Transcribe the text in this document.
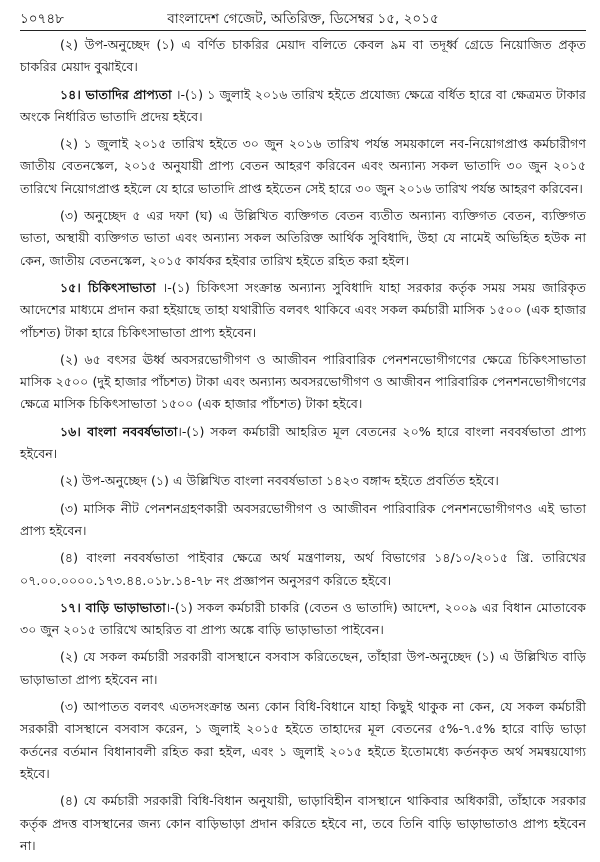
১০৭৪৮	বাংলাদেশ গেজেট, অতিরিক্ত, ডিসেম্বর ১৫, ২০১৫

(২) উপ-অনুচ্ছেদ (১) এ বর্ণিত চাকরির মেয়াদ বলিতে কেবল ৯ম বা তদূর্ধ্ব গ্রেডে নিয়োজিত প্রকৃত চাকরির মেয়াদ বুঝাইবে।

১৪। ভাতাদির প্রাপ্যতা ।-(১) ১ জুলাই ২০১৬ তারিখ হইতে প্রযোজ্য ক্ষেত্রে বর্ধিত হারে বা ক্ষেত্রমত টাকার অংকে নির্ধারিত ভাতাদি প্রদেয় হইবে।

(২) ১ জুলাই ২০১৫ তারিখ হইতে ৩০ জুন ২০১৬ তারিখ পর্যন্ত সময়কালে নব-নিয়োগপ্রাপ্ত কর্মচারীগণ জাতীয় বেতনস্কেল, ২০১৫ অনুযায়ী প্রাপ্য বেতন আহরণ করিবেন এবং অন্যান্য সকল ভাতাদি ৩০ জুন ২০১৫ তারিখে নিয়োগপ্রাপ্ত হইলে যে হারে ভাতাদি প্রাপ্ত হইতেন সেই হারে ৩০ জুন ২০১৬ তারিখ পর্যন্ত আহরণ করিবেন।

(৩) অনুচ্ছেদ ৫ এর দফা (ঘ) এ উল্লিখিত ব্যক্তিগত বেতন ব্যতীত অন্যান্য ব্যক্তিগত বেতন, ব্যক্তিগত ভাতা, অস্থায়ী ব্যক্তিগত ভাতা এবং অন্যান্য সকল অতিরিক্ত আর্থিক সুবিধাদি, উহা যে নামেই অভিহিত হউক না কেন, জাতীয় বেতনস্কেল, ২০১৫ কার্যকর হইবার তারিখ হইতে রহিত করা হইল।

১৫। চিকিৎসাভাতা ।-(১) চিকিৎসা সংক্রান্ত অন্যান্য সুবিধাদি যাহা সরকার কর্তৃক সময় সময় জারিকৃত আদেশের মাধ্যমে প্রদান করা হইয়াছে তাহা যথারীতি বলবৎ থাকিবে এবং সকল কর্মচারী মাসিক ১৫০০ (এক হাজার পাঁচশত) টাকা হারে চিকিৎসাভাতা প্রাপ্য হইবেন।

(২) ৬৫ বৎসর ঊর্ধ্ব অবসরভোগীগণ ও আজীবন পারিবারিক পেনশনভোগীগণের ক্ষেত্রে চিকিৎসাভাতা মাসিক ২৫০০ (দুই হাজার পাঁচশত) টাকা এবং অন্যান্য অবসরভোগীগণ ও আজীবন পারিবারিক পেনশনভোগীগণের ক্ষেত্রে মাসিক চিকিৎসাভাতা ১৫০০ (এক হাজার পাঁচশত) টাকা হইবে।

১৬। বাংলা নববর্ষভাতা।-(১) সকল কর্মচারী আহরিত মূল বেতনের ২০% হারে বাংলা নববর্ষভাতা প্রাপ্য হইবেন।

(২) উপ-অনুচ্ছেদ (১) এ উল্লিখিত বাংলা নববর্ষভাতা ১৪২৩ বঙ্গাব্দ হইতে প্রবর্তিত হইবে।

(৩) মাসিক নীট পেনশনগ্রহণকারী অবসরভোগীগণ ও আজীবন পারিবারিক পেনশনভোগীগণও এই ভাতা প্রাপ্য হইবেন।

(৪) বাংলা নববর্ষভাতা পাইবার ক্ষেত্রে অর্থ মন্ত্রণালয়, অর্থ বিভাগের ১৪/১০/২০১৫ খ্রি. তারিখের ০৭.০০.০০০০.১৭৩.৪৪.০১৮.১৪-৭৮ নং প্রজ্ঞাপন অনুসরণ করিতে হইবে।

১৭। বাড়ি ভাড়াভাতা।-(১) সকল কর্মচারী চাকরি (বেতন ও ভাতাদি) আদেশ, ২০০৯ এর বিধান মোতাবেক ৩০ জুন ২০১৫ তারিখে আহরিত বা প্রাপ্য অঙ্কে বাড়ি ভাড়াভাতা পাইবেন।

(২) যে সকল কর্মচারী সরকারী বাসস্থানে বসবাস করিতেছেন, তাঁহারা উপ-অনুচ্ছেদ (১) এ উল্লিখিত বাড়ি ভাড়াভাতা প্রাপ্য হইবেন না।

(৩) আপাতত বলবৎ এতদসংক্রান্ত অন্য কোন বিধি-বিধানে যাহা কিছুই থাকুক না কেন, যে সকল কর্মচারী সরকারী বাসস্থানে বসবাস করেন, ১ জুলাই ২০১৫ হইতে তাহাদের মূল বেতনের ৫%-৭.৫% হারে বাড়ি ভাড়া কর্তনের বর্তমান বিধানাবলী রহিত করা হইল, এবং ১ জুলাই ২০১৫ হইতে ইতোমধ্যে কর্তনকৃত অর্থ সমন্বয়যোগ্য হইবে।

(৪) যে কর্মচারী সরকারী বিধি-বিধান অনুযায়ী, ভাড়াবিহীন বাসস্থানে থাকিবার অধিকারী, তাঁহাকে সরকার কর্তৃক প্রদত্ত বাসস্থানের জন্য কোন বাড়িভাড়া প্রদান করিতে হইবে না, তবে তিনি বাড়ি ভাড়াভাতাও প্রাপ্য হইবেন না।
